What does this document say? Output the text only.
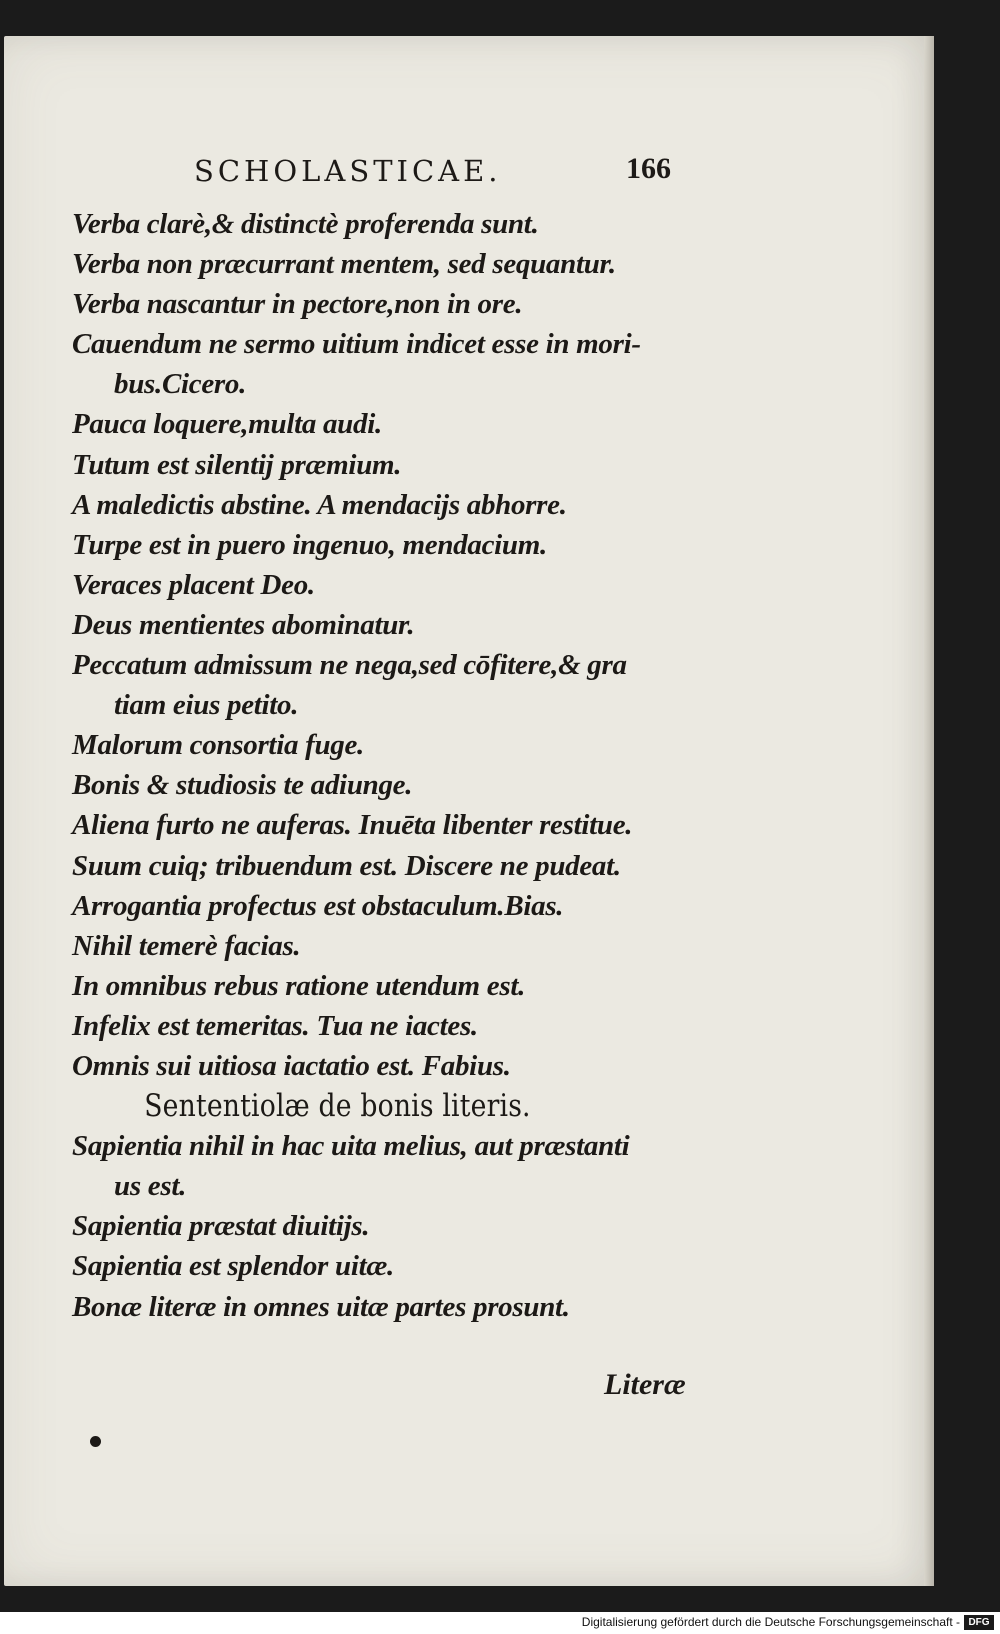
SCHOLASTICAE.	166
Verba clarè,& distinctè proferenda sunt.
Verba non præcurrant mentem, sed sequantur.
Verba nascantur in pectore,non in ore.
Cauendum ne sermo uitium indicet esse in mori-
bus.Cicero.
Pauca loquere,multa audi.
Tutum est silentij præmium.
A maledictis abstine. A mendacijs abhorre.
Turpe est in puero ingenuo, mendacium.
Veraces placent Deo.
Deus mentientes abominatur.
Peccatum admissum ne nega,sed cōfitere,& gra
tiam eius petito.
Malorum consortia fuge.
Bonis & studiosis te adiunge.
Aliena furto ne auferas. Inuēta libenter restitue.
Suum cuiq; tribuendum est. Discere ne pudeat.
Arrogantia profectus est obstaculum.Bias.
Nihil temerè facias.
In omnibus rebus ratione utendum est.
Infelix est temeritas. Tua ne iactes.
Omnis sui uitiosa iactatio est. Fabius.
Sententiolæ de bonis literis.
Sapientia nihil in hac uita melius, aut præstanti
us est.
Sapientia præstat diuitijs.
Sapientia est splendor uitæ.
Bonæ literæ in omnes uitæ partes prosunt.
Literæ
Digitalisierung gefördert durch die Deutsche Forschungsgemeinschaft - DFG
